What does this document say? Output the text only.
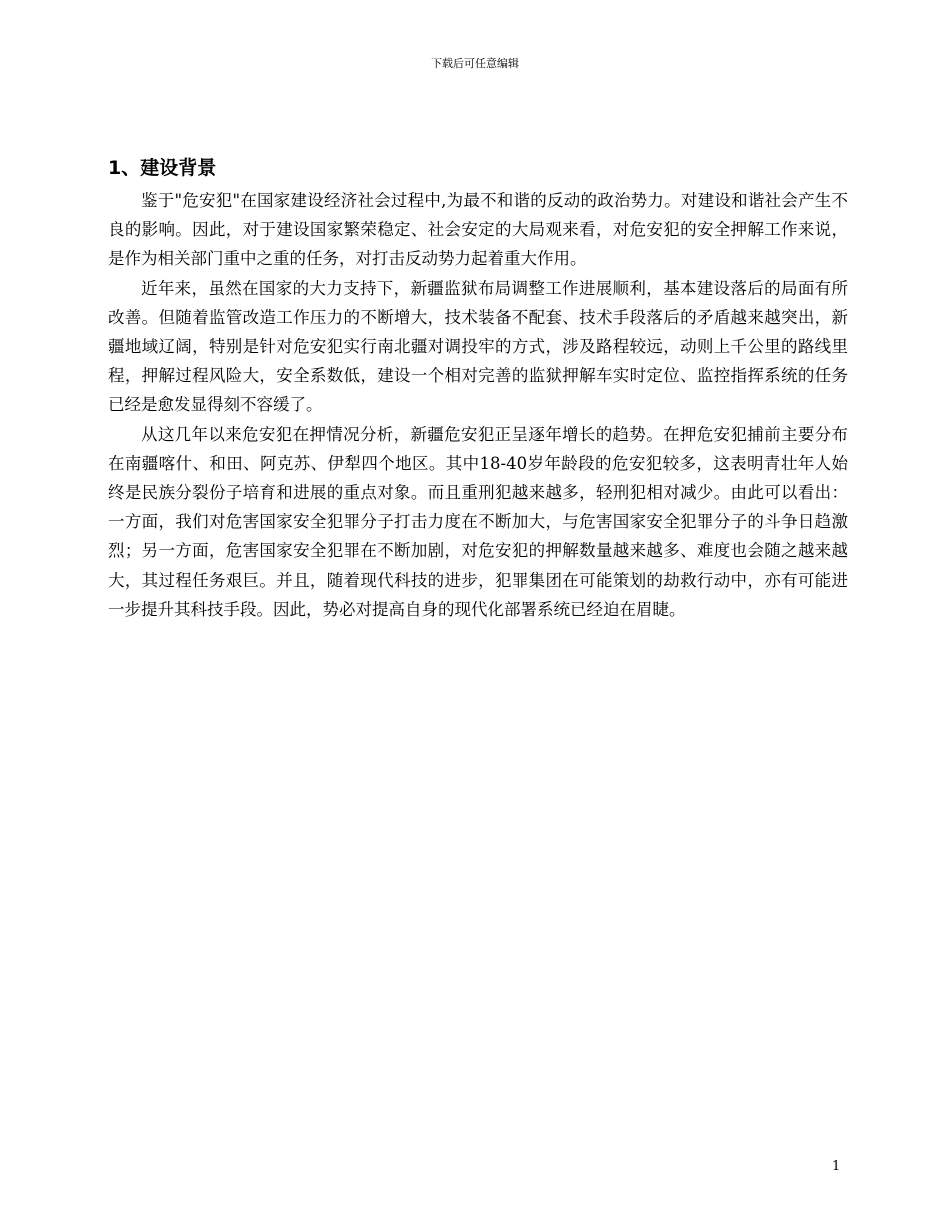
下载后可任意编辑
1、建设背景

鉴于"危安犯"在国家建设经济社会过程中,为最不和谐的反动的政治势力。对建设和谐社会产生不良的影响。因此，对于建设国家繁荣稳定、社会安定的大局观来看，对危安犯的安全押解工作来说，是作为相关部门重中之重的任务，对打击反动势力起着重大作用。

近年来，虽然在国家的大力支持下，新疆监狱布局调整工作进展顺利，基本建设落后的局面有所改善。但随着监管改造工作压力的不断增大，技术装备不配套、技术手段落后的矛盾越来越突出，新疆地域辽阔，特别是针对危安犯实行南北疆对调投牢的方式，涉及路程较远，动则上千公里的路线里程，押解过程风险大，安全系数低，建设一个相对完善的监狱押解车实时定位、监控指挥系统的任务已经是愈发显得刻不容缓了。

从这几年以来危安犯在押情况分析，新疆危安犯正呈逐年增长的趋势。在押危安犯捕前主要分布在南疆喀什、和田、阿克苏、伊犁四个地区。其中18-40岁年龄段的危安犯较多，这表明青壮年人始终是民族分裂份子培育和进展的重点对象。而且重刑犯越来越多，轻刑犯相对减少。由此可以看出：一方面，我们对危害国家安全犯罪分子打击力度在不断加大，与危害国家安全犯罪分子的斗争日趋激烈；另一方面，危害国家安全犯罪在不断加剧，对危安犯的押解数量越来越多、难度也会随之越来越大，其过程任务艰巨。并且，随着现代科技的进步，犯罪集团在可能策划的劫救行动中，亦有可能进一步提升其科技手段。因此，势必对提高自身的现代化部署系统已经迫在眉睫。

1
